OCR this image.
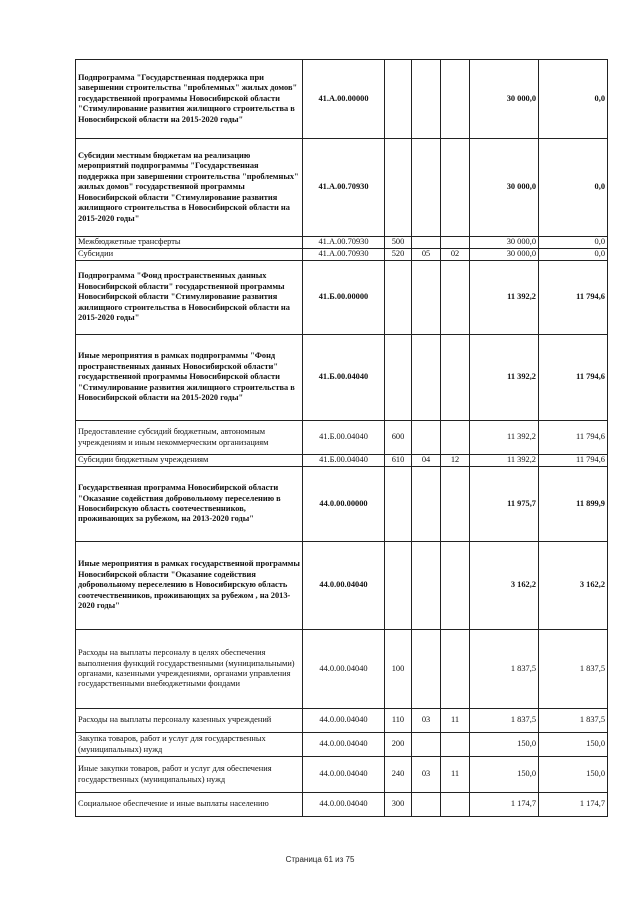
Подпрограмма "Государственная поддержка при завершении строительства "проблемных" жилых домов" государственной программы Новосибирской области "Стимулирование развития жилищного строительства в Новосибирской области на 2015-2020 годы"	41.А.00.00000				30 000,0	0,0
Субсидии местным бюджетам на реализацию мероприятий подпрограммы "Государственная поддержка при завершении строительства "проблемных" жилых домов" государственной программы Новосибирской области "Стимулирование развития жилищного строительства в Новосибирской области на 2015-2020 годы"	41.А.00.70930				30 000,0	0,0
Межбюджетные трансферты	41.А.00.70930	500			30 000,0	0,0
Субсидии	41.А.00.70930	520	05	02	30 000,0	0,0
Подпрограмма "Фонд пространственных данных Новосибирской области" государственной программы Новосибирской области "Стимулирование развития жилищного строительства в Новосибирской области на 2015-2020 годы"	41.Б.00.00000				11 392,2	11 794,6
Иные мероприятия в рамках подпрограммы "Фонд пространственных данных Новосибирской области" государственной программы Новосибирской области "Стимулирование развития жилищного строительства в Новосибирской области на 2015-2020 годы"	41.Б.00.04040				11 392,2	11 794,6
Предоставление субсидий бюджетным, автономным учреждениям и иным некоммерческим организациям	41.Б.00.04040	600			11 392,2	11 794,6
Субсидии бюджетным учреждениям	41.Б.00.04040	610	04	12	11 392,2	11 794,6
Государственная программа Новосибирской области "Оказание содействия добровольному переселению в Новосибирскую область соотечественников, проживающих за рубежом, на 2013-2020 годы"	44.0.00.00000				11 975,7	11 899,9
Иные мероприятия в рамках государственной программы Новосибирской области "Оказание содействия добровольному переселению в Новосибирскую область соотечественников, проживающих за рубежом , на 2013-2020 годы"	44.0.00.04040				3 162,2	3 162,2
Расходы на выплаты персоналу в целях обеспечения выполнения функций государственными (муниципальными) органами, казенными учреждениями, органами управления государственными внебюджетными фондами	44.0.00.04040	100			1 837,5	1 837,5
Расходы на выплаты персоналу казенных учреждений	44.0.00.04040	110	03	11	1 837,5	1 837,5
Закупка товаров, работ и услуг для государственных (муниципальных) нужд	44.0.00.04040	200			150,0	150,0
Иные закупки товаров, работ и услуг для обеспечения государственных (муниципальных) нужд	44.0.00.04040	240	03	11	150,0	150,0
Социальное обеспечение и иные выплаты населению	44.0.00.04040	300			1 174,7	1 174,7
Страница 61 из 75
